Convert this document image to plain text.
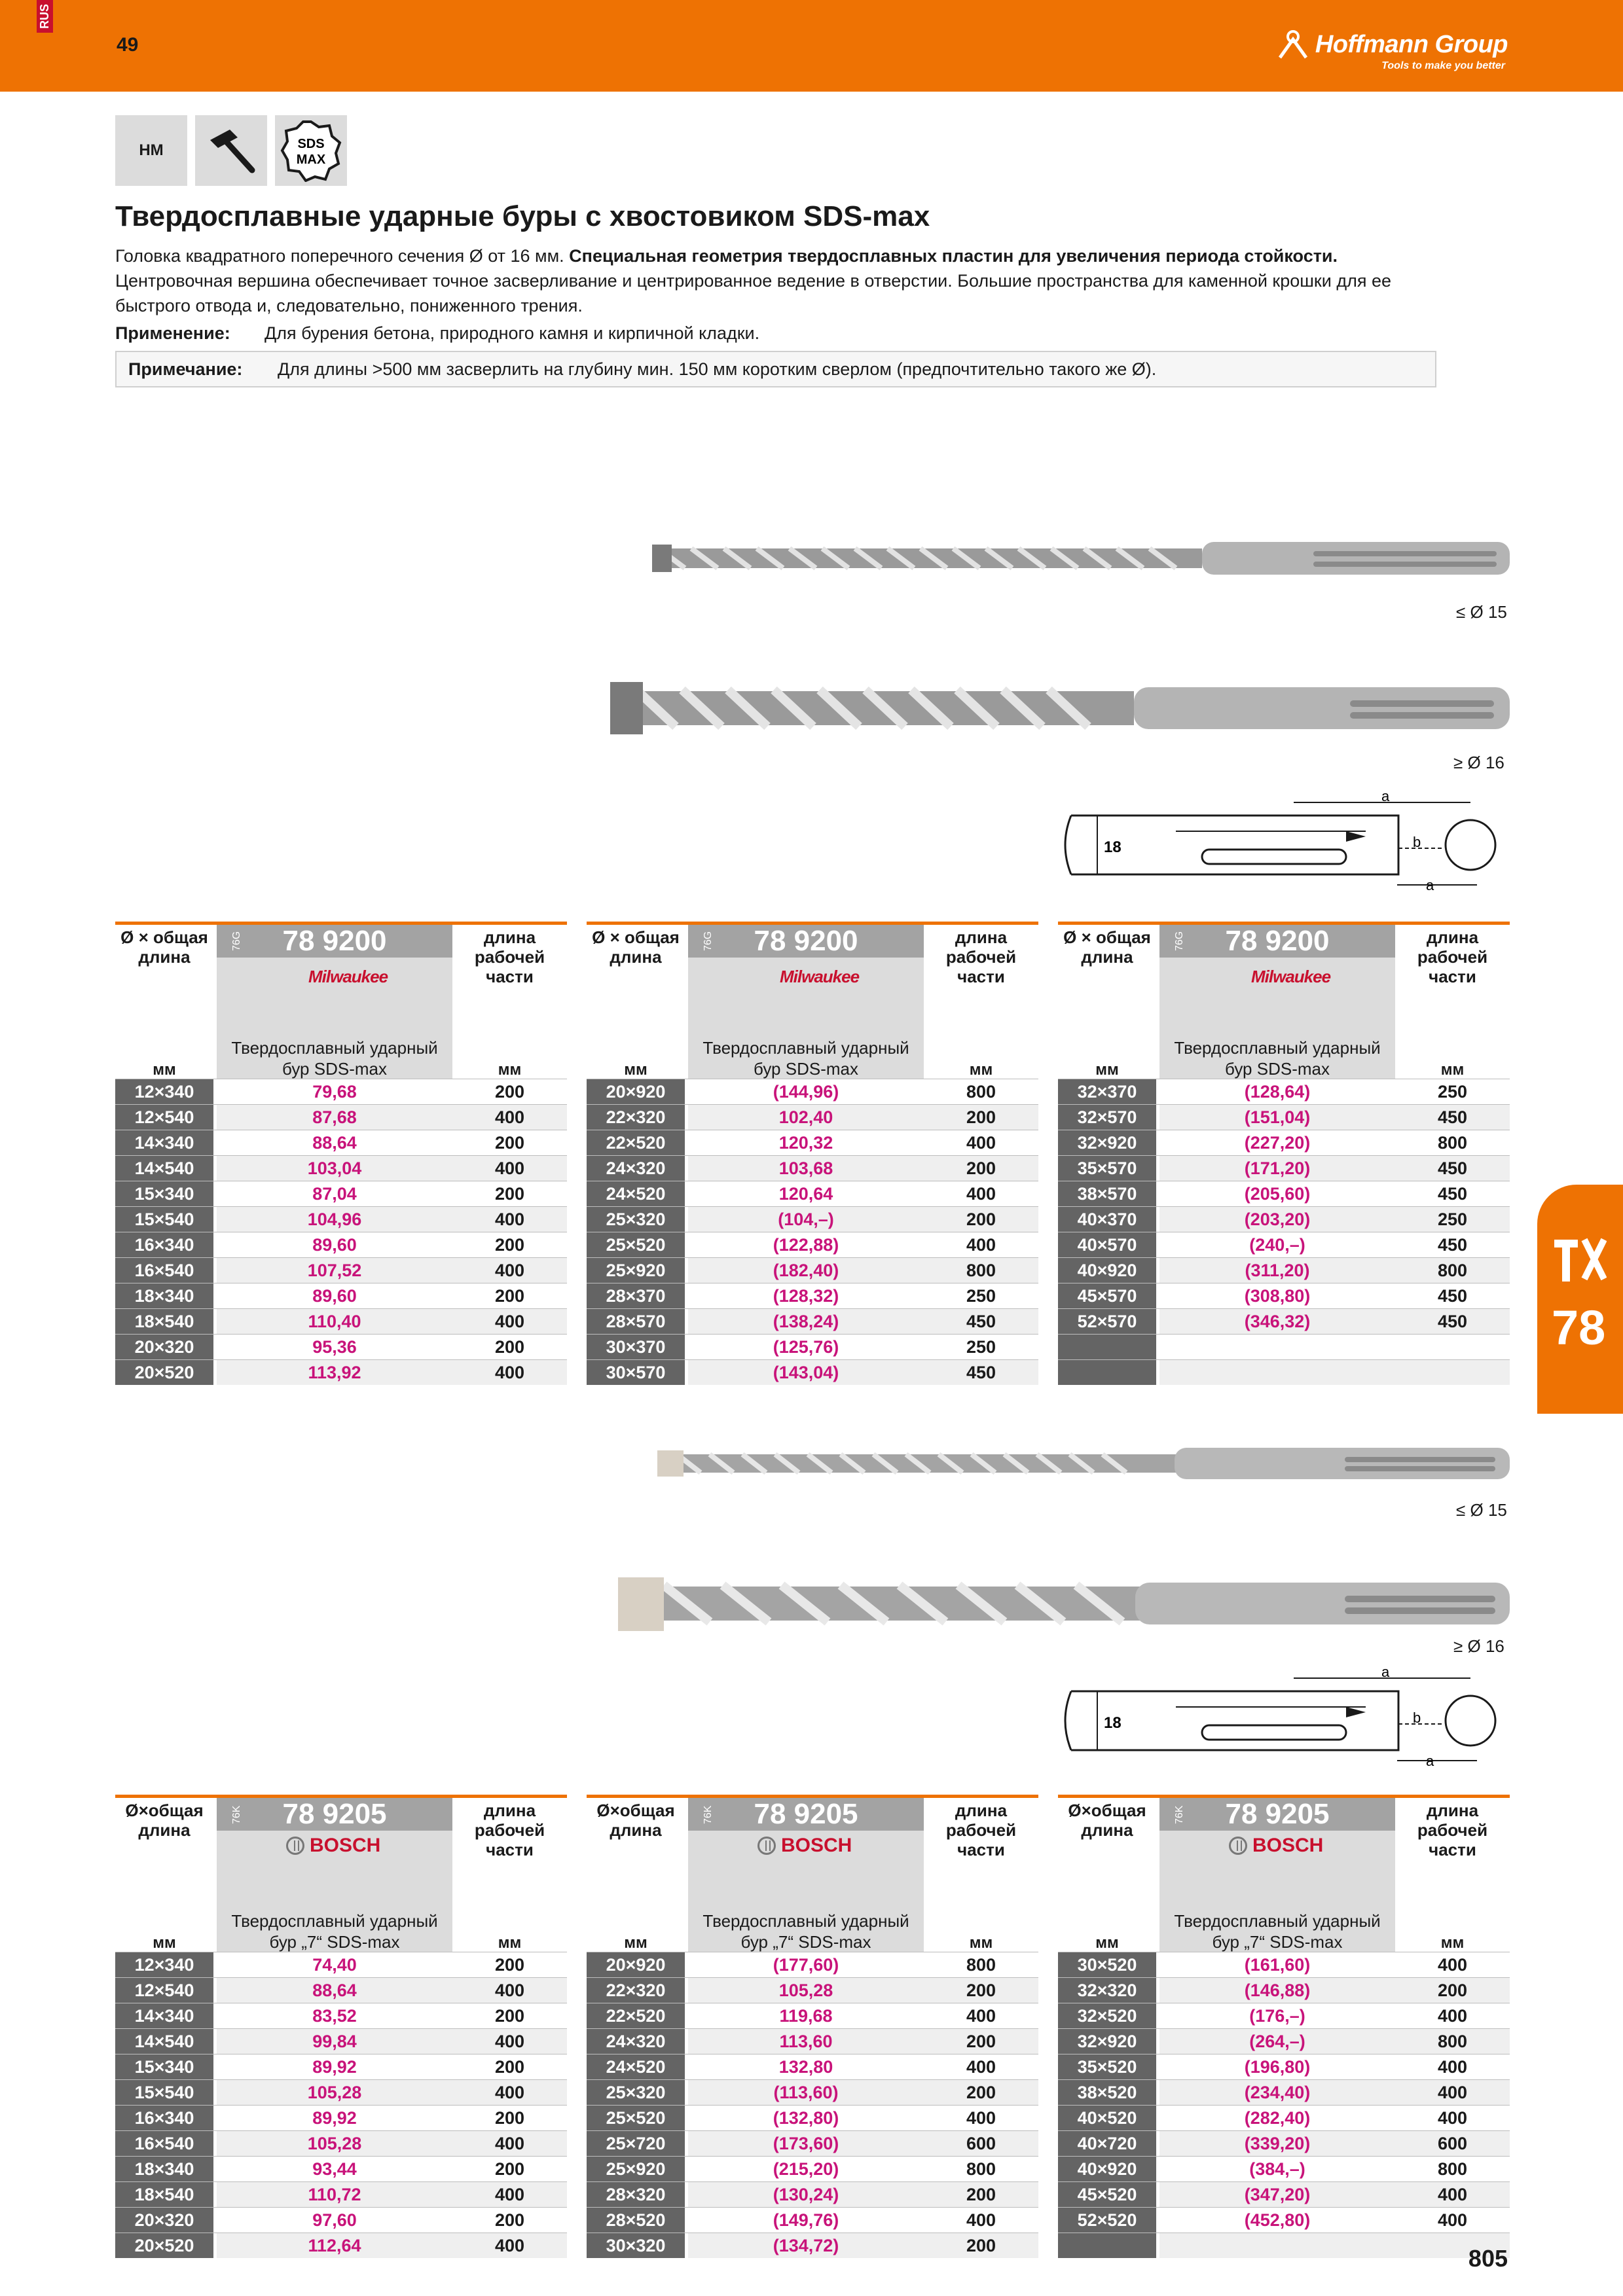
RUS
49	Hoffmann Group
Tools to make you better
HM	SDS
MAX
Твердосплавные ударные буры с хвостовиком SDS-max
Головка квадратного поперечного сечения Ø от 16 мм. Специальная геометрия твердосплавных пластин для увеличения периода стойкости. Центровочная вершина обеспечивает точное засверливание и центрированное ведение в отверстии. Большие пространства для каменной крошки для ее быстрого отвода и, следовательно, пониженного трения.
Применение: Для бурения бетона, природного камня и кирпичной кладки.
Примечание:	Для длины >500 мм засверлить на глубину мин. 150 мм коротким сверлом (предпочтительно такого же Ø).
≤ Ø 15
≥ Ø 16
18
a
b
a
78
Ø × общая длина
76G	78 9200
Milwaukee
Твердосплавный ударный бур SDS-max
длина рабочей части
мм	мм
12×340	79,68	200
12×540	87,68	400
14×340	88,64	200
14×540	103,04	400
15×340	87,04	200
15×540	104,96	400
16×340	89,60	200
16×540	107,52	400
18×340	89,60	200
18×540	110,40	400
20×320	95,36	200
20×520	113,92	400
Ø × общая длина
76G	78 9200
Milwaukee
Твердосплавный ударный бур SDS-max
длина рабочей части
мм	мм
20×920	(144,96)	800
22×320	102,40	200
22×520	120,32	400
24×320	103,68	200
24×520	120,64	400
25×320	(104,–)	200
25×520	(122,88)	400
25×920	(182,40)	800
28×370	(128,32)	250
28×570	(138,24)	450
30×370	(125,76)	250
30×570	(143,04)	450
Ø × общая длина
76G	78 9200
Milwaukee
Твердосплавный ударный бур SDS-max
длина рабочей части
мм	мм
32×370	(128,64)	250
32×570	(151,04)	450
32×920	(227,20)	800
35×570	(171,20)	450
38×570	(205,60)	450
40×370	(203,20)	250
40×570	(240,–)	450
40×920	(311,20)	800
45×570	(308,80)	450
52×570	(346,32)	450
≤ Ø 15
≥ Ø 16
18
a
b
a
Ø×общая длина
76K	78 9205
BOSCH
Твердосплавный ударный бур „7“ SDS-max
длина рабочей части
мм	мм
12×340	74,40	200
12×540	88,64	400
14×340	83,52	200
14×540	99,84	400
15×340	89,92	200
15×540	105,28	400
16×340	89,92	200
16×540	105,28	400
18×340	93,44	200
18×540	110,72	400
20×320	97,60	200
20×520	112,64	400
Ø×общая длина
76K	78 9205
BOSCH
Твердосплавный ударный бур „7“ SDS-max
длина рабочей части
мм	мм
20×920	(177,60)	800
22×320	105,28	200
22×520	119,68	400
24×320	113,60	200
24×520	132,80	400
25×320	(113,60)	200
25×520	(132,80)	400
25×720	(173,60)	600
25×920	(215,20)	800
28×320	(130,24)	200
28×520	(149,76)	400
30×320	(134,72)	200
Ø×общая длина
76K	78 9205
BOSCH
Твердосплавный ударный бур „7“ SDS-max
длина рабочей части
мм	мм
30×520	(161,60)	400
32×320	(146,88)	200
32×520	(176,–)	400
32×920	(264,–)	800
35×520	(196,80)	400
38×520	(234,40)	400
40×520	(282,40)	400
40×720	(339,20)	600
40×920	(384,–)	800
45×520	(347,20)	400
52×520	(452,80)	400
805
